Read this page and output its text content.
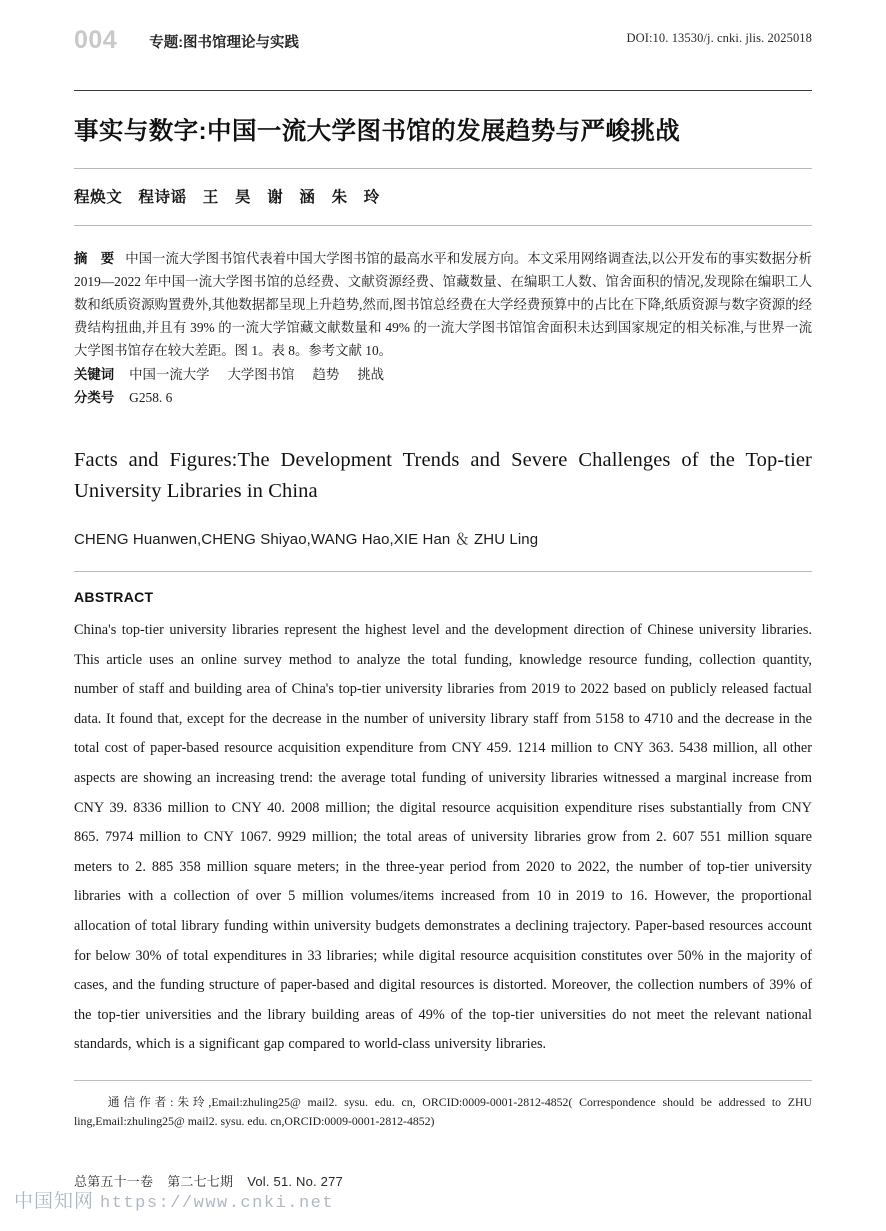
004 专题:图书馆理论与实践	DOI:10. 13530/j. cnki. jlis. 2025018
事实与数字:中国一流大学图书馆的发展趋势与严峻挑战
程焕文　程诗谣　王　昊　谢　涵　朱　玲

摘　要 中国一流大学图书馆代表着中国大学图书馆的最高水平和发展方向。本文采用网络调查法,以公开发布的事实数据分析 2019—2022 年中国一流大学图书馆的总经费、文献资源经费、馆藏数量、在编职工人数、馆舍面积的情况,发现除在编职工人数和纸质资源购置费外,其他数据都呈现上升趋势,然而,图书馆总经费在大学经费预算中的占比在下降,纸质资源与数字资源的经费结构扭曲,并且有 39% 的一流大学馆藏文献数量和 49% 的一流大学图书馆馆舍面积未达到国家规定的相关标准,与世界一流大学图书馆存在较大差距。图 1。表 8。参考文献 10。

关键词 中国一流大学 大学图书馆 趋势 挑战

分类号 G258. 6

Facts and Figures:The Development Trends and Severe Challenges of the Top-tier University Libraries in China
CHENG Huanwen,CHENG Shiyao,WANG Hao,XIE Han ＆ ZHU Ling
ABSTRACT

China's top-tier university libraries represent the highest level and the development direction of Chinese university libraries. This article uses an online survey method to analyze the total funding, knowledge resource funding, collection quantity, number of staff and building area of China's top-tier university libraries from 2019 to 2022 based on publicly released factual data. It found that, except for the decrease in the number of university library staff from 5158 to 4710 and the decrease in the total cost of paper-based resource acquisition expenditure from CNY 459. 1214 million to CNY 363. 5438 million, all other aspects are showing an increasing trend: the average total funding of university libraries witnessed a marginal increase from CNY 39. 8336 million to CNY 40. 2008 million; the digital resource acquisition expenditure rises substantially from CNY 865. 7974 million to CNY 1067. 9929 million; the total areas of university libraries grow from 2. 607 551 million square meters to 2. 885 358 million square meters; in the three-year period from 2020 to 2022, the number of top-tier university libraries with a collection of over 5 million volumes/items increased from 10 in 2019 to 16. However, the proportional allocation of total library funding within university budgets demonstrates a declining trajectory. Paper-based resources account for below 30% of total expenditures in 33 libraries; while digital resource acquisition constitutes over 50% in the majority of cases, and the funding structure of paper-based and digital resources is distorted. Moreover, the collection numbers of 39% of the top-tier universities and the library building areas of 49% of the top-tier universities do not meet the relevant national standards, which is a significant gap compared to world-class university libraries.

通信作者:朱玲,Email:zhuling25@ mail2. sysu. edu. cn, ORCID:0009-0001-2812-4852( Correspondence should be addressed to ZHU ling,Email:zhuling25@ mail2. sysu. edu. cn,ORCID:0009-0001-2812-4852)
总第五十一卷 第二七七期 Vol. 51. No. 277
中国知网 https://www.cnki.net
